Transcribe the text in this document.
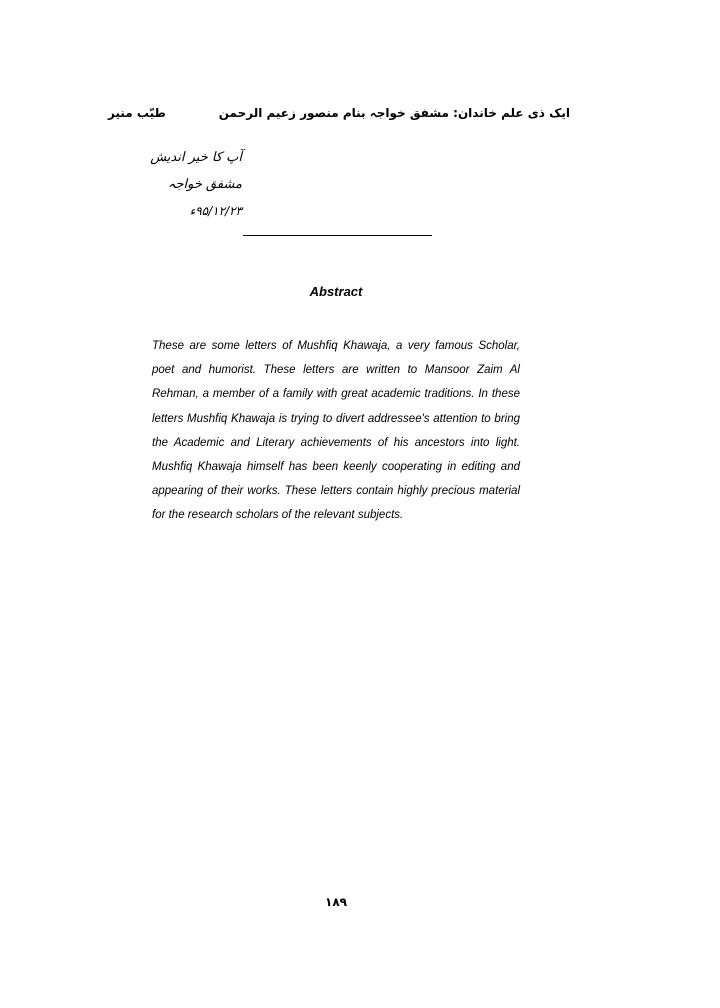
طیّب منیر	ایک ذی علم خاندان: مشفق خواجہ بنام منصور زعیم الرحمن
آپ کا خیر اندیش
مشفق خواجہ
۹۵/۱۲/۲۳ء
Abstract

These are some letters of Mushfiq Khawaja, a very famous Scholar, poet and humorist. These letters are written to Mansoor Zaim Al Rehman, a member of a family with great academic traditions. In these letters Mushfiq Khawaja is trying to divert addressee's attention to bring the Academic and Literary achievements of his ancestors into light. Mushfiq Khawaja himself has been keenly cooperating in editing and appearing of their works. These letters contain highly precious material for the research scholars of the relevant subjects.

۱۸۹
